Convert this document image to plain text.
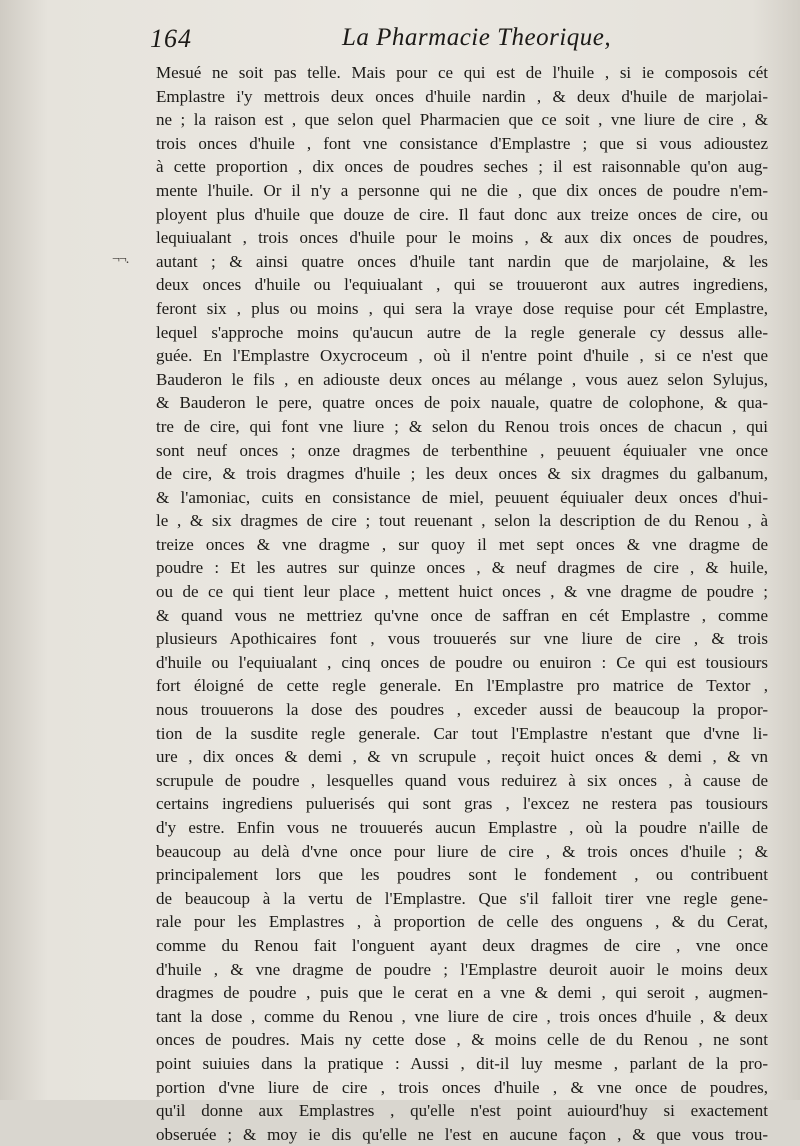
164	La Pharmacie Theorique,
¬¬.
Mesué ne soit pas telle. Mais pour ce qui est de l'huile , si ie composois cét
Emplastre i'y mettrois deux onces d'huile nardin , & deux d'huile de marjolai-
ne ; la raison est , que selon quel Pharmacien que ce soit , vne liure de cire , &
trois onces d'huile , font vne consistance d'Emplastre ; que si vous adioustez
à cette proportion , dix onces de poudres seches ; il est raisonnable qu'on aug-
mente l'huile. Or il n'y a personne qui ne die , que dix onces de poudre n'em-
ployent plus d'huile que douze de cire. Il faut donc aux treize onces de cire, ou
lequiualant , trois onces d'huile pour le moins , & aux dix onces de poudres,
autant ; & ainsi quatre onces d'huile tant nardin que de marjolaine, & les
deux onces d'huile ou l'equiualant , qui se trouueront aux autres ingrediens,
feront six , plus ou moins , qui sera la vraye dose requise pour cét Emplastre,
lequel s'approche moins qu'aucun autre de la regle generale cy dessus alle-
guée. En l'Emplastre Oxycroceum , où il n'entre point d'huile , si ce n'est que
Bauderon le fils , en adiouste deux onces au mélange , vous auez selon Sylujus,
& Bauderon le pere, quatre onces de poix nauale, quatre de colophone, & qua-
tre de cire, qui font vne liure ; & selon du Renou trois onces de chacun , qui
sont neuf onces ; onze dragmes de terbenthine , peuuent équiualer vne once
de cire, & trois dragmes d'huile ; les deux onces & six dragmes du galbanum,
& l'amoniac, cuits en consistance de miel, peuuent équiualer deux onces d'hui-
le , & six dragmes de cire ; tout reuenant , selon la description de du Renou , à
treize onces & vne dragme , sur quoy il met sept onces & vne dragme de
poudre : Et les autres sur quinze onces , & neuf dragmes de cire , & huile,
ou de ce qui tient leur place , mettent huict onces , & vne dragme de poudre ;
& quand vous ne mettriez qu'vne once de saffran en cét Emplastre , comme
plusieurs Apothicaires font , vous trouuerés sur vne liure de cire , & trois
d'huile ou l'equiualant , cinq onces de poudre ou enuiron : Ce qui est tousiours
fort éloigné de cette regle generale. En l'Emplastre pro matrice de Textor ,
nous trouuerons la dose des poudres , exceder aussi de beaucoup la propor-
tion de la susdite regle generale. Car tout l'Emplastre n'estant que d'vne li-
ure , dix onces & demi , & vn scrupule , reçoit huict onces & demi , & vn
scrupule de poudre , lesquelles quand vous reduirez à six onces , à cause de
certains ingrediens puluerisés qui sont gras , l'excez ne restera pas tousiours
d'y estre. Enfin vous ne trouuerés aucun Emplastre , où la poudre n'aille de
beaucoup au delà d'vne once pour liure de cire , & trois onces d'huile ; &
principalement lors que les poudres sont le fondement , ou contribuent
de beaucoup à la vertu de l'Emplastre. Que s'il falloit tirer vne regle gene-
rale pour les Emplastres , à proportion de celle des onguens , & du Cerat,
comme du Renou fait l'onguent ayant deux dragmes de cire , vne once
d'huile , & vne dragme de poudre ; l'Emplastre deuroit auoir le moins deux
dragmes de poudre , puis que le cerat en a vne & demi , qui seroit , augmen-
tant la dose , comme du Renou , vne liure de cire , trois onces d'huile , & deux
onces de poudres. Mais ny cette dose , & moins celle de du Renou , ne sont
point suiuies dans la pratique : Aussi , dit-il luy mesme , parlant de la pro-
portion d'vne liure de cire , trois onces d'huile , & vne once de poudres,
qu'il donne aux Emplastres , qu'elle n'est point auiourd'huy si exactement
obseruée ; & moy ie dis qu'elle ne l'est en aucune façon , & que vous trou-
